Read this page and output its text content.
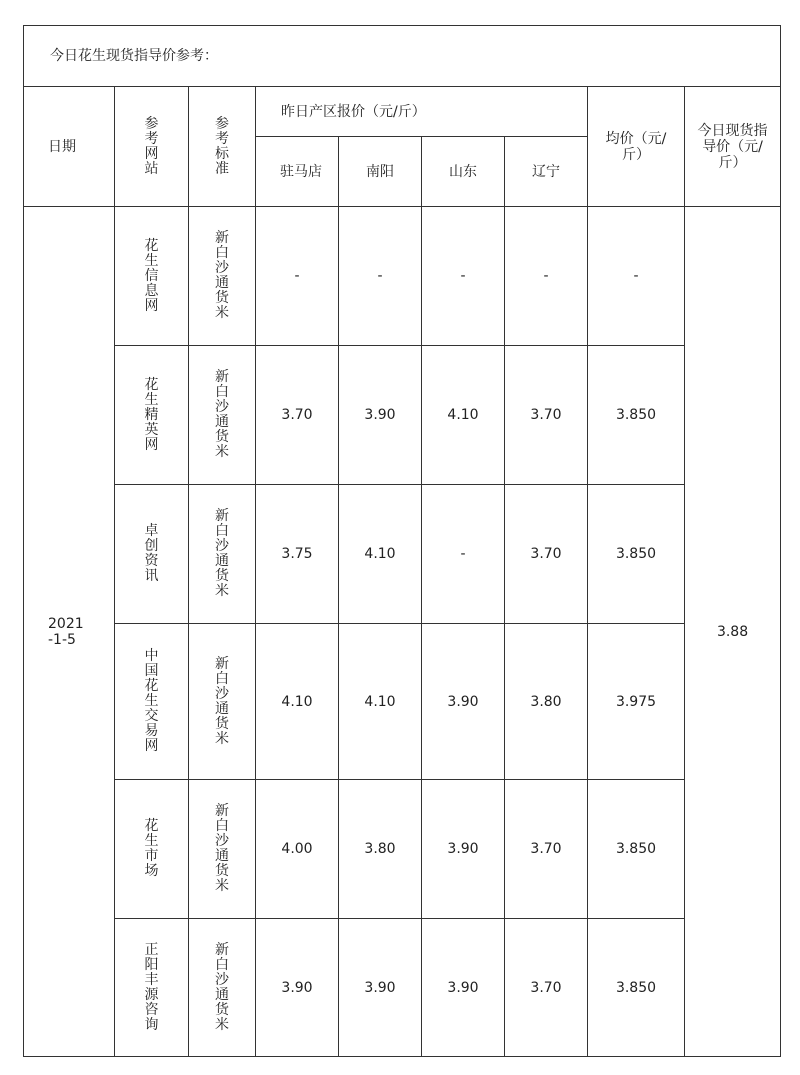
今日花生现货指导价参考：								
日期	参考网站	参考标准	昨日产区报价（元/斤）				均价（元/斤）	今日现货指导价（元/斤）
			驻马店	南阳	山东	辽宁		

2021-1-5	花生信息网	新白沙通货米	-	-	-	-	-	3.88

	花生精英网	新白沙通货米	3.70	3.90	4.10	3.70	3.850	

	卓创资讯	新白沙通货米	3.75	4.10	-	3.70	3.850	

	中国花生交易网	新白沙通货米	4.10	4.10	3.90	3.80	3.975	

	花生市场	新白沙通货米	4.00	3.80	3.90	3.70	3.850	

	正阳丰源咨询	新白沙通货米	3.90	3.90	3.90	3.70	3.850	
